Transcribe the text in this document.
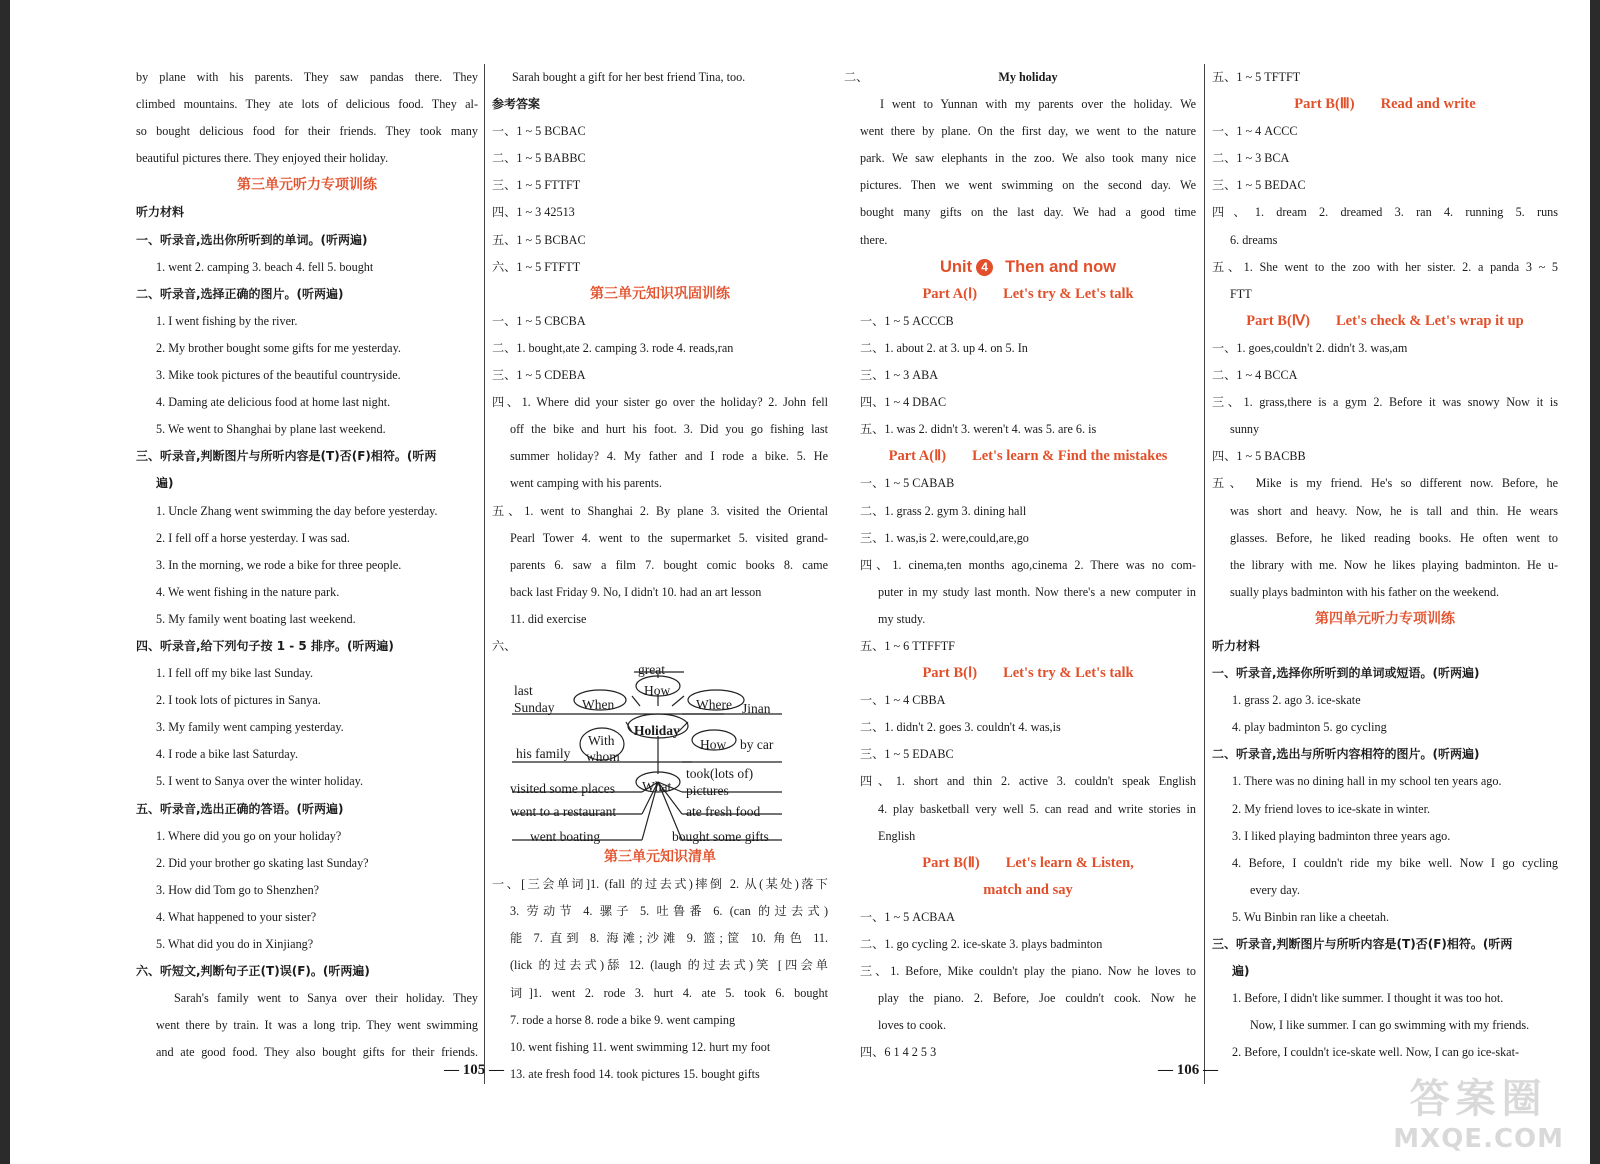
by plane with his parents. They saw pandas there. They
climbed mountains. They ate lots of delicious food. They al-
so bought delicious food for their friends. They took many
beautiful pictures there. They enjoyed their holiday.
第三单元听力专项训练
听力材料
一、听录音,选出你所听到的单词。(听两遍)
1. went 2. camping 3. beach 4. fell 5. bought
二、听录音,选择正确的图片。(听两遍)
1. I went fishing by the river.
2. My brother bought some gifts for me yesterday.
3. Mike took pictures of the beautiful countryside.
4. Daming ate delicious food at home last night.
5. We went to Shanghai by plane last weekend.
三、听录音,判断图片与所听内容是(T)否(F)相符。(听两
遍)
1. Uncle Zhang went swimming the day before yesterday.
2. I fell off a horse yesterday. I was sad.
3. In the morning, we rode a bike for three people.
4. We went fishing in the nature park.
5. My family went boating last weekend.
四、听录音,给下列句子按 1 - 5 排序。(听两遍)
1. I fell off my bike last Sunday.
2. I took lots of pictures in Sanya.
3. My family went camping yesterday.
4. I rode a bike last Saturday.
5. I went to Sanya over the winter holiday.
五、听录音,选出正确的答语。(听两遍)
1. Where did you go on your holiday?
2. Did your brother go skating last Sunday?
3. How did Tom go to Shenzhen?
4. What happened to your sister?
5. What did you do in Xinjiang?
六、听短文,判断句子正(T)误(F)。(听两遍)
Sarah's family went to Sanya over their holiday. They
went there by train. It was a long trip. They went swimming
and ate good food. They also bought gifts for their friends.
Sarah bought a gift for her best friend Tina, too.
参考答案
一、1 ~ 5 BCBAC
二、1 ~ 5 BABBC
三、1 ~ 5 FTTFT
四、1 ~ 3 42513
五、1 ~ 5 BCBAC
六、1 ~ 5 FTFTT
第三单元知识巩固训练
一、1 ~ 5 CBCBA
二、1. bought,ate 2. camping 3. rode 4. reads,ran
三、1 ~ 5 CDEBA
四、1. Where did your sister go over the holiday? 2. John fell
off the bike and hurt his foot. 3. Did you go fishing last
summer holiday? 4. My father and I rode a bike. 5. He
went camping with his parents.
五、1. went to Shanghai 2. By plane 3. visited the Oriental
Pearl Tower 4. went to the supermarket 5. visited grand-
parents 6. saw a film 7. bought comic books 8. came
back last Friday 9. No, I didn't 10. had an art lesson
11. did exercise
六、
great
How
When
last
Sunday	Where Jinan
Holiday
With
whom
his family
How by car
What
visited some places
took(lots of)
pictures
went to a restaurant	ate fresh food
went boating	bought some gifts
第三单元知识清单
一、[三会单词]1. (fall 的过去式)摔倒 2. 从(某处)落下
3. 劳动节 4. 骡子 5. 吐鲁番 6. (can 的过去式)
能 7. 直到 8. 海滩;沙滩 9. 篮;筐 10. 角色 11.
(lick 的过去式)舔 12. (laugh 的过去式)笑 [四会单
词]1. went 2. rode 3. hurt 4. ate 5. took 6. bought
7. rode a horse 8. rode a bike 9. went camping
10. went fishing 11. went swimming 12. hurt my foot
13. ate fresh food 14. took pictures 15. bought gifts
二、	My holiday
I went to Yunnan with my parents over the holiday. We
went there by plane. On the first day, we went to the nature
park. We saw elephants in the zoo. We also took many nice
pictures. Then we went swimming on the second day. We
bought many gifts on the last day. We had a good time
there.
Unit 4 Then and now
Part A(Ⅰ) Let's try & Let's talk
一、1 ~ 5 ACCCB
二、1. about 2. at 3. up 4. on 5. In
三、1 ~ 3 ABA
四、1 ~ 4 DBAC
五、1. was 2. didn't 3. weren't 4. was 5. are 6. is
Part A(Ⅱ) Let's learn & Find the mistakes
一、1 ~ 5 CABAB
二、1. grass 2. gym 3. dining hall
三、1. was,is 2. were,could,are,go
四、1. cinema,ten months ago,cinema 2. There was no com-
puter in my study last month. Now there's a new computer in
my study.
五、1 ~ 6 TTFFTF
Part B(Ⅰ) Let's try & Let's talk
一、1 ~ 4 CBBA
二、1. didn't 2. goes 3. couldn't 4. was,is
三、1 ~ 5 EDABC
四、1. short and thin 2. active 3. couldn't speak English
4. play basketball very well 5. can read and write stories in
English
Part B(Ⅱ) Let's learn & Listen,
match and say
一、1 ~ 5 ACBAA
二、1. go cycling 2. ice-skate 3. plays badminton
三、1. Before, Mike couldn't play the piano. Now he loves to
play the piano. 2. Before, Joe couldn't cook. Now he
loves to cook.
四、6 1 4 2 5 3
五、1 ~ 5 TFTFT
Part B(Ⅲ) Read and write
一、1 ~ 4 ACCC
二、1 ~ 3 BCA
三、1 ~ 5 BEDAC
四、1. dream 2. dreamed 3. ran 4. running 5. runs
6. dreams
五、1. She went to the zoo with her sister. 2. a panda 3 ~ 5
FTT
Part B(Ⅳ) Let's check & Let's wrap it up
一、1. goes,couldn't 2. didn't 3. was,am
二、1 ~ 4 BCCA
三、1. grass,there is a gym 2. Before it was snowy Now it is
sunny
四、1 ~ 5 BACBB
五、 Mike is my friend. He's so different now. Before, he
was short and heavy. Now, he is tall and thin. He wears
glasses. Before, he liked reading books. He often went to
the library with me. Now he likes playing badminton. He u-
sually plays badminton with his father on the weekend.
第四单元听力专项训练
听力材料
一、听录音,选择你所听到的单词或短语。(听两遍)
1. grass 2. ago 3. ice-skate
4. play badminton 5. go cycling
二、听录音,选出与所听内容相符的图片。(听两遍)
1. There was no dining hall in my school ten years ago.
2. My friend loves to ice-skate in winter.
3. I liked playing badminton three years ago.
4. Before, I couldn't ride my bike well. Now I go cycling
every day.
5. Wu Binbin ran like a cheetah.
三、听录音,判断图片与所听内容是(T)否(F)相符。(听两
遍)
1. Before, I didn't like summer. I thought it was too hot.
Now, I like summer. I can go swimming with my friends.
2. Before, I couldn't ice-skate well. Now, I can go ice-skat-
— 105 —	— 106 —
答案圈
MXQE.COM
